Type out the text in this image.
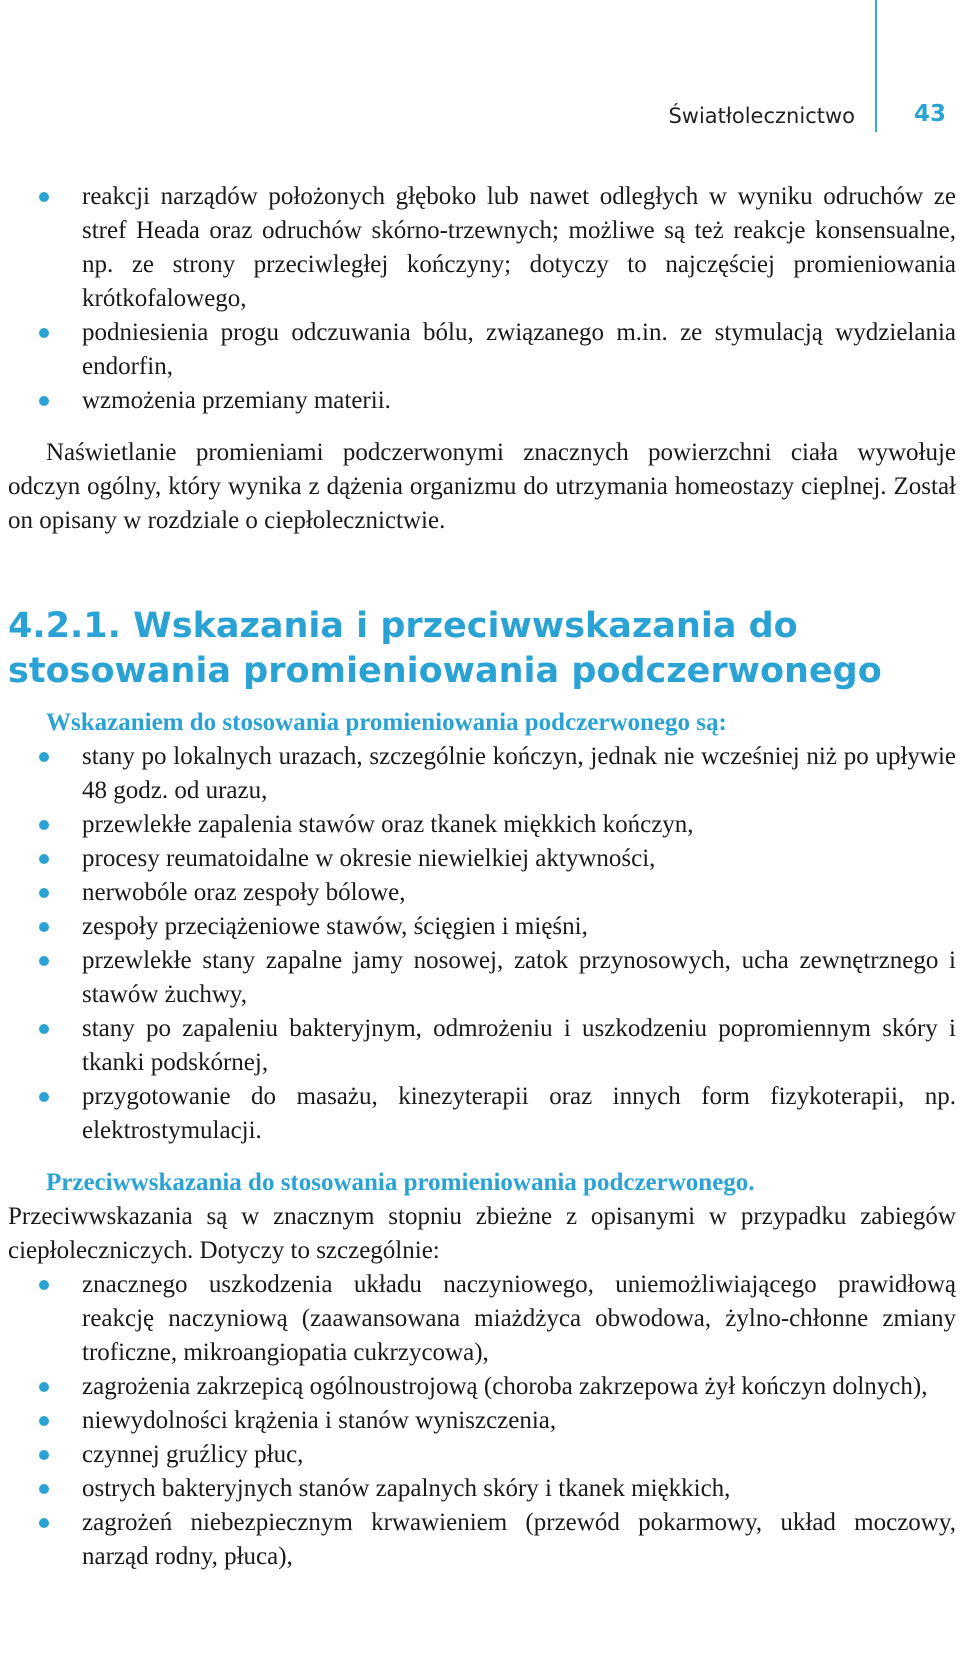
Światłolecznictwo	43
reakcji narządów położonych głęboko lub nawet odległych w wyniku odruchów ze stref Heada oraz odruchów skórno-trzewnych; możliwe są też reakcje konsensualne, np. ze strony przeciwległej kończyny; dotyczy to najczęściej promieniowania krótkofalowego,
podniesienia progu odczuwania bólu, związanego m.in. ze stymulacją wydzielania endorfin,
wzmożenia przemiany materii.

Naświetlanie promieniami podczerwonymi znacznych powierzchni ciała wywołuje odczyn ogólny, który wynika z dążenia organizmu do utrzymania homeostazy cieplnej. Został on opisany w rozdziale o ciepłolecznictwie.

4.2.1. Wskazania i przeciwwskazania do stosowania promieniowania podczerwonego

Wskazaniem do stosowania promieniowania podczerwonego są:

stany po lokalnych urazach, szczególnie kończyn, jednak nie wcześniej niż po upływie 48 godz. od urazu,
przewlekłe zapalenia stawów oraz tkanek miękkich kończyn,
procesy reumatoidalne w okresie niewielkiej aktywności,
nerwobóle oraz zespoły bólowe,
zespoły przeciążeniowe stawów, ścięgien i mięśni,
przewlekłe stany zapalne jamy nosowej, zatok przynosowych, ucha zewnętrznego i stawów żuchwy,
stany po zapaleniu bakteryjnym, odmrożeniu i uszkodzeniu popromiennym skóry i tkanki podskórnej,
przygotowanie do masażu, kinezyterapii oraz innych form fizykoterapii, np. elektrostymulacji.

Przeciwwskazania do stosowania promieniowania podczerwonego.

Przeciwwskazania są w znacznym stopniu zbieżne z opisanymi w przypadku zabiegów ciepłoleczniczych. Dotyczy to szczególnie:

znacznego uszkodzenia układu naczyniowego, uniemożliwiającego prawidłową reakcję naczyniową (zaawansowana miażdżyca obwodowa, żylno-chłonne zmiany troficzne, mikroangiopatia cukrzycowa),
zagrożenia zakrzepicą ogólnoustrojową (choroba zakrzepowa żył kończyn dolnych),
niewydolności krążenia i stanów wyniszczenia,
czynnej gruźlicy płuc,
ostrych bakteryjnych stanów zapalnych skóry i tkanek miękkich,
zagrożeń niebezpiecznym krwawieniem (przewód pokarmowy, układ moczowy, narząd rodny, płuca),
